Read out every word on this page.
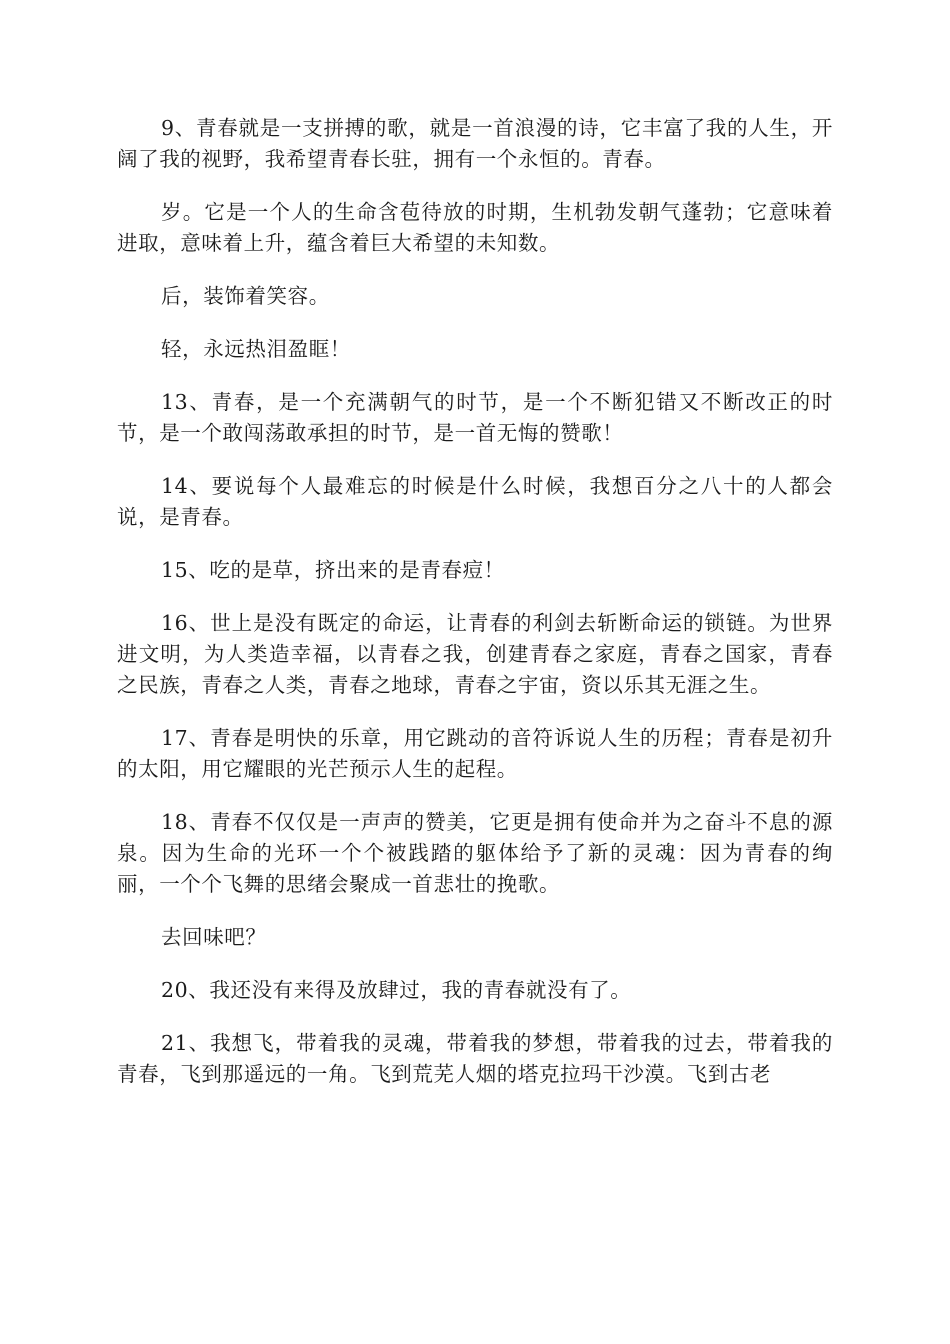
9、青春就是一支拼搏的歌，就是一首浪漫的诗，它丰富了我的人生，开阔了我的视野，我希望青春长驻，拥有一个永恒的。青春。

岁。它是一个人的生命含苞待放的时期，生机勃发朝气蓬勃；它意味着进取，意味着上升，蕴含着巨大希望的未知数。

后，装饰着笑容。

轻，永远热泪盈眶！

13、青春，是一个充满朝气的时节，是一个不断犯错又不断改正的时节，是一个敢闯荡敢承担的时节，是一首无悔的赞歌！

14、要说每个人最难忘的时候是什么时候，我想百分之八十的人都会说，是青春。

15、吃的是草，挤出来的是青春痘！

16、世上是没有既定的命运，让青春的利剑去斩断命运的锁链。为世界进文明，为人类造幸福，以青春之我，创建青春之家庭，青春之国家，青春之民族，青春之人类，青春之地球，青春之宇宙，资以乐其无涯之生。

17、青春是明快的乐章，用它跳动的音符诉说人生的历程；青春是初升的太阳，用它耀眼的光芒预示人生的起程。

18、青春不仅仅是一声声的赞美，它更是拥有使命并为之奋斗不息的源泉。因为生命的光环一个个被践踏的躯体给予了新的灵魂：因为青春的绚丽，一个个飞舞的思绪会聚成一首悲壮的挽歌。

去回味吧？

20、我还没有来得及放肆过，我的青春就没有了。

21、我想飞，带着我的灵魂，带着我的梦想，带着我的过去，带着我的青春，飞到那遥远的一角。飞到荒芜人烟的塔克拉玛干沙漠。飞到古老
